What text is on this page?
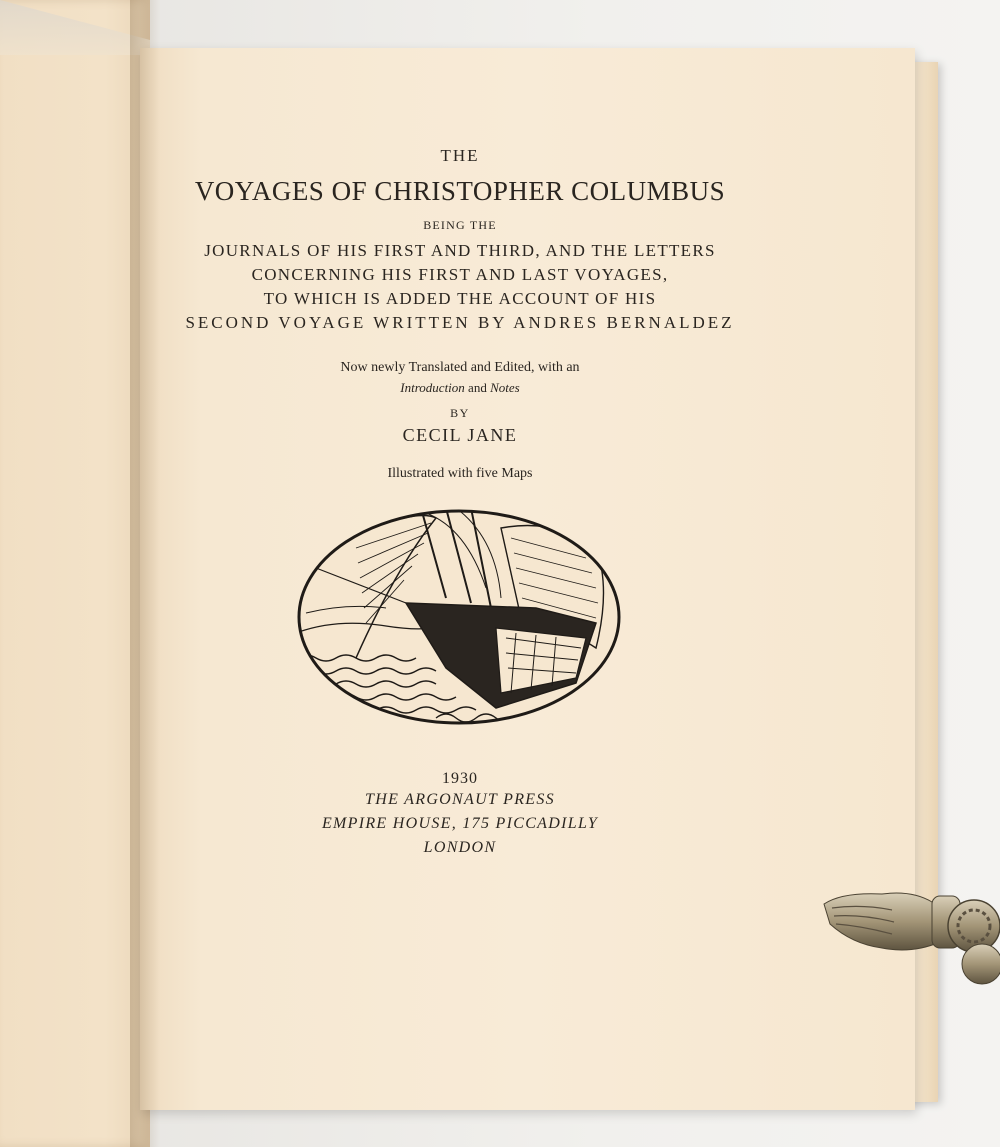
THE

VOYAGES OF CHRISTOPHER COLUMBUS

BEING THE

JOURNALS OF HIS FIRST AND THIRD, AND THE LETTERS

CONCERNING HIS FIRST AND LAST VOYAGES,

TO WHICH IS ADDED THE ACCOUNT OF HIS

SECOND VOYAGE WRITTEN BY ANDRES BERNALDEZ

Now newly Translated and Edited, with an

Introduction and Notes

BY

CECIL JANE

Illustrated with five Maps

1930

THE ARGONAUT PRESS

EMPIRE HOUSE, 175 PICCADILLY

LONDON
